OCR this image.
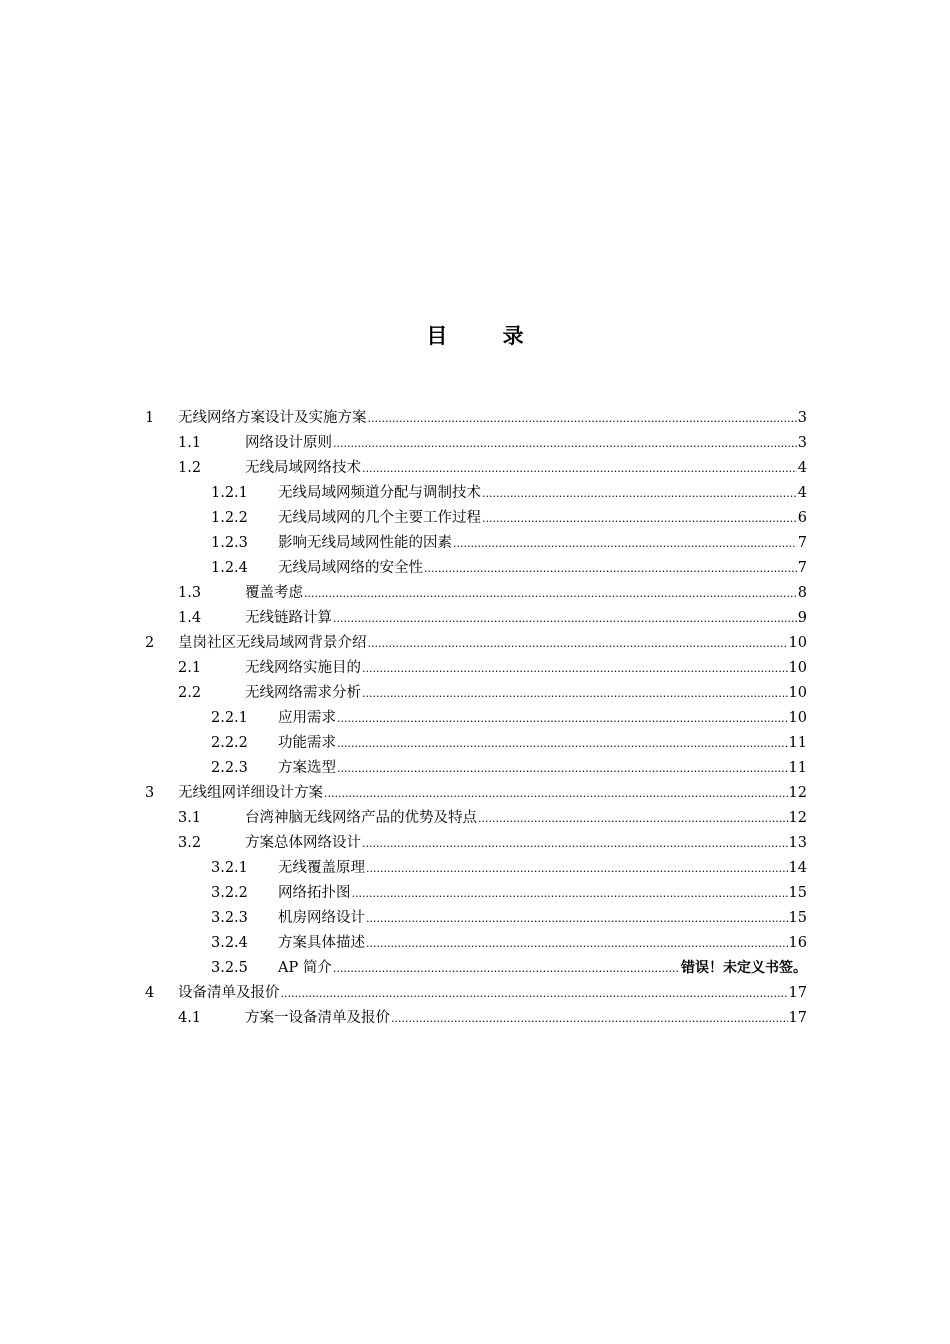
目 录
1	无线网络方案设计及实施方案 .....	3
1.1	网络设计原则 .....	3
1.2	无线局域网络技术 .....	4
1.2.1	无线局域网频道分配与调制技术 .....	4
1.2.2	无线局域网的几个主要工作过程 .....	6
1.2.3	影响无线局域网性能的因素 .....	7
1.2.4	无线局域网络的安全性 .....	7
1.3	覆盖考虑 .....	8
1.4	无线链路计算 .....	9
2	皇岗社区无线局域网背景介绍 .....	10
2.1	无线网络实施目的 .....	10
2.2	无线网络需求分析 .....	10
2.2.1	应用需求 .....	10
2.2.2	功能需求 .....	11
2.2.3	方案选型 .....	11
3	无线组网详细设计方案 .....	12
3.1	台湾神脑无线网络产品的优势及特点 .....	12
3.2	方案总体网络设计 .....	13
3.2.1	无线覆盖原理 .....	14
3.2.2	网络拓扑图 .....	15
3.2.3	机房网络设计 .....	15
3.2.4	方案具体描述 .....	16
3.2.5	AP 简介 .....	错误！未定义书签。
4	设备清单及报价 .....	17
4.1	方案一设备清单及报价 .....	17
